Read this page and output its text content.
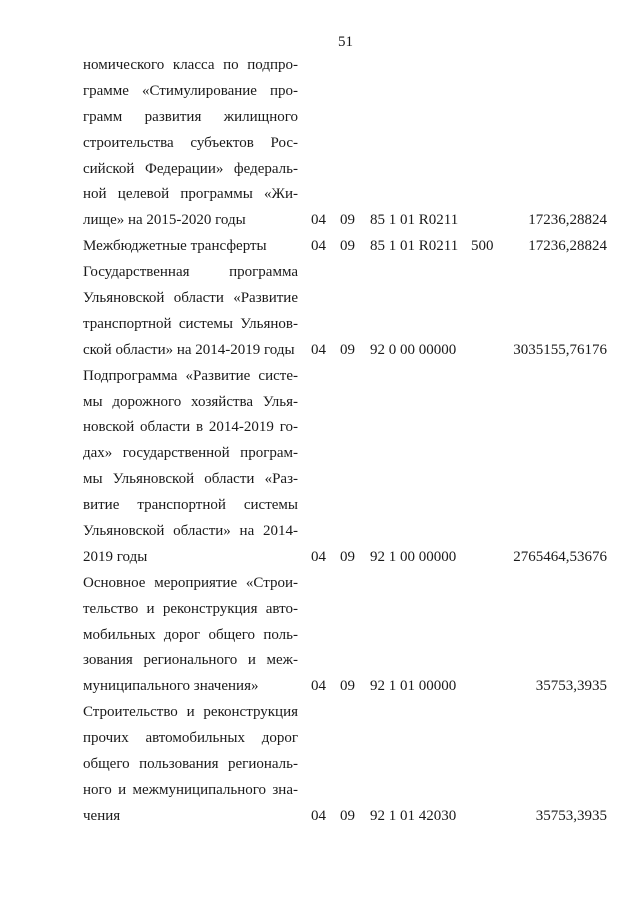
51
номического класса по подпро-
грамме «Стимулирование про-
грамм развития жилищного
строительства субъектов Рос-
сийской Федерации» федераль-
ной целевой программы «Жи-
лище» на 2015-2020 годы	04 09 85 1 01 R0211	17236,28824
Межбюджетные трансферты	04 09 85 1 01 R0211 500 17236,28824
Государственная программа
Ульяновской области «Развитие
транспортной системы Ульянов-
ской области» на 2014-2019 годы 04 09 92 0 00 00000	3035155,76176
Подпрограмма «Развитие систе-
мы дорожного хозяйства Улья-
новской области в 2014-2019 го-
дах» государственной програм-
мы Ульяновской области «Раз-
витие транспортной системы
Ульяновской области» на 2014-
2019 годы	04 09 92 1 00 00000	2765464,53676
Основное мероприятие «Строи-
тельство и реконструкция авто-
мобильных дорог общего поль-
зования регионального и меж-
муниципального значения»	04 09 92 1 01 00000	35753,3935
Строительство и реконструкция
прочих автомобильных дорог
общего пользования региональ-
ного и межмуниципального зна-
чения	04 09 92 1 01 42030	35753,3935
